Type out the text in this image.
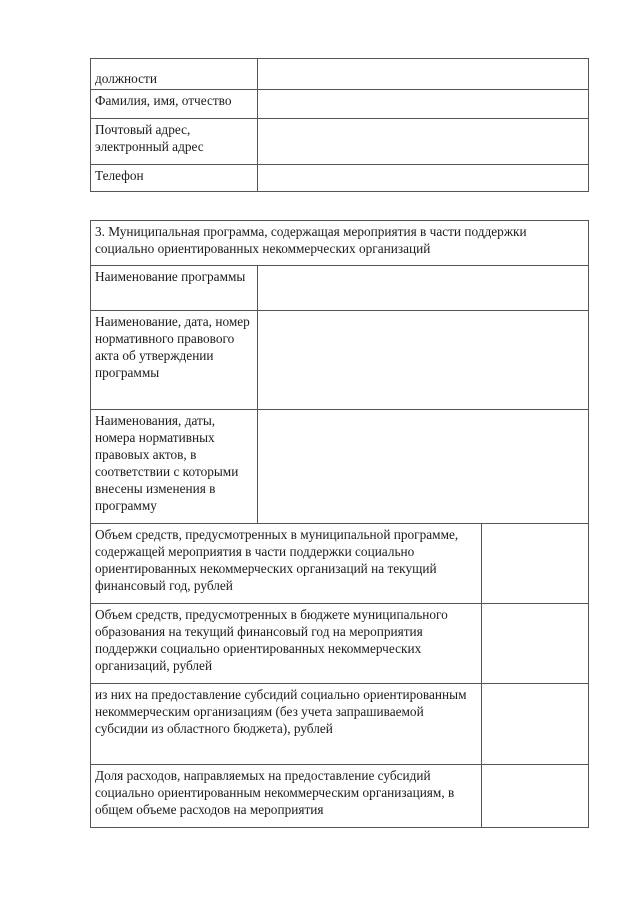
должности	
Фамилия, имя, отчество	
Почтовый адрес, электронный адрес	
Телефон	
3. Муниципальная программа, содержащая мероприятия в части поддержки социально ориентированных некоммерческих организаций		
Наименование программы		
Наименование, дата, номер нормативного правового акта об утверждении программы		
Наименования, даты, номера нормативных правовых актов, в соответствии с которыми внесены изменения в программу		
Объем средств, предусмотренных в муниципальной программе, содержащей мероприятия в части поддержки социально ориентированных некоммерческих организаций на текущий финансовый год, рублей		
Объем средств, предусмотренных в бюджете муниципального образования на текущий финансовый год на мероприятия поддержки социально ориентированных некоммерческих организаций, рублей		
из них на предоставление субсидий социально ориентированным некоммерческим организациям (без учета запрашиваемой субсидии из областного бюджета), рублей		
Доля расходов, направляемых на предоставление субсидий социально ориентированным некоммерческим организациям, в общем объеме расходов на мероприятия		
